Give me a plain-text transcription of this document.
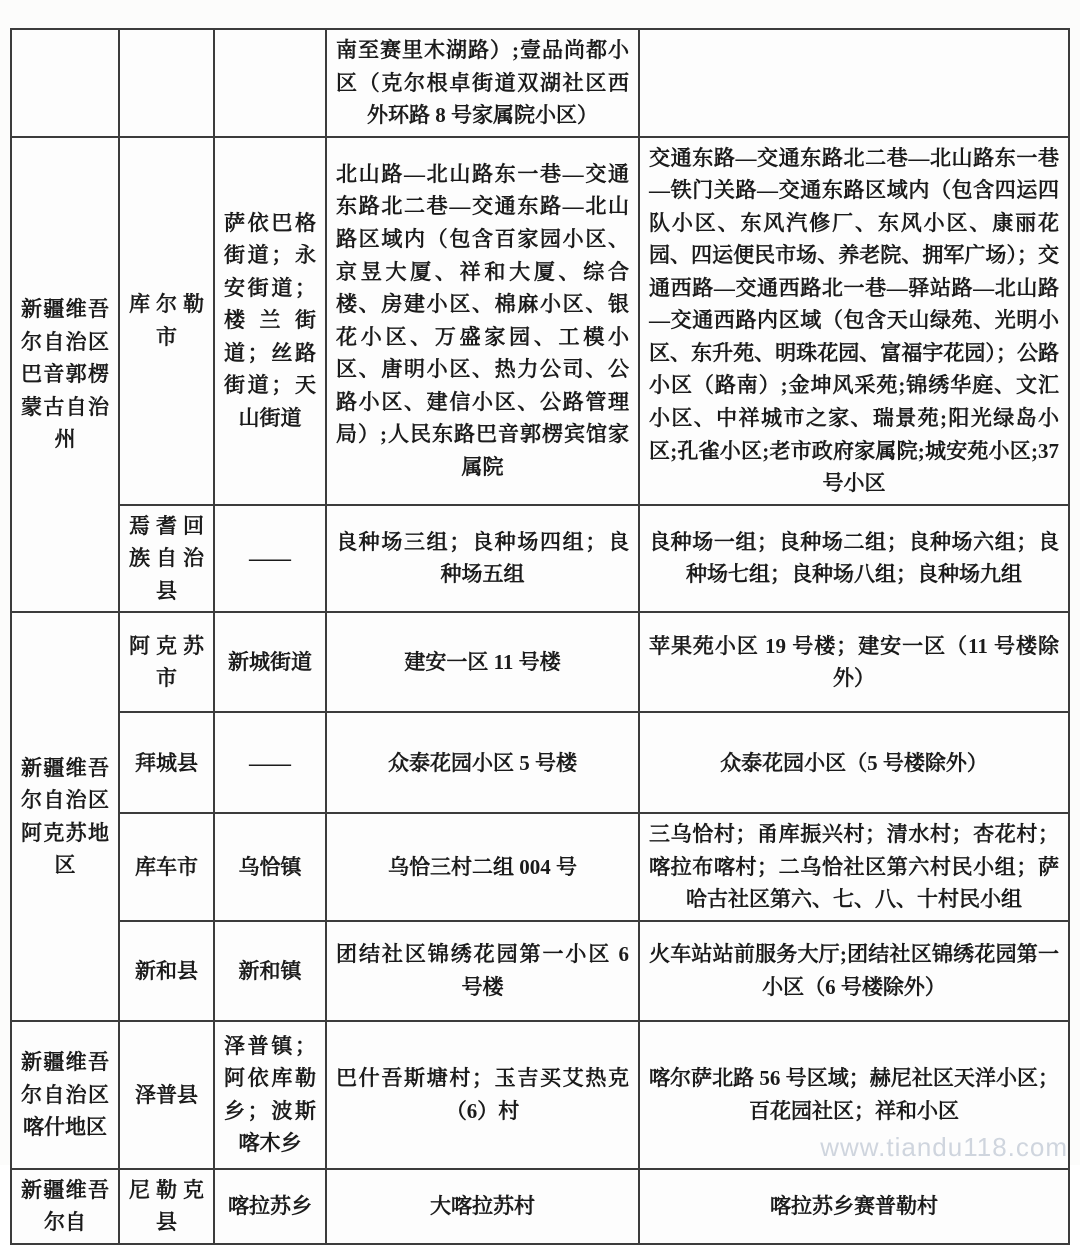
			南至赛里木湖路）;壹品尚都小区（克尔根卓街道双湖社区西外环路 8 号家属院小区）	
新疆维吾尔自治区巴音郭楞蒙古自治州	库尔勒市	萨依巴格街道；永安街道；楼兰街道；丝路街道；天山街道	北山路—北山路东一巷—交通东路北二巷—交通东路—北山路区域内（包含百家园小区、京昱大厦、祥和大厦、综合楼、房建小区、棉麻小区、银花小区、万盛家园、工模小区、唐明小区、热力公司、公路小区、建信小区、公路管理局）;人民东路巴音郭楞宾馆家属院	交通东路—交通东路北二巷—北山路东一巷—铁门关路—交通东路区域内（包含四运四队小区、东风汽修厂、东风小区、康丽花园、四运便民市场、养老院、拥军广场）；交通西路—交通西路北一巷—驿站路—北山路—交通西路内区域（包含天山绿苑、光明小区、东升苑、明珠花园、富福宇花园）；公路小区（路南）;金坤风采苑;锦绣华庭、文汇小区、中祥城市之家、瑞景苑;阳光绿岛小区;孔雀小区;老市政府家属院;城安苑小区;37 号小区
	焉耆回族自治县	——	良种场三组；良种场四组；良种场五组	良种场一组；良种场二组；良种场六组；良种场七组；良种场八组；良种场九组
新疆维吾尔自治区阿克苏地区	阿克苏市	新城街道	建安一区 11 号楼	苹果苑小区 19 号楼；建安一区（11 号楼除外）
	拜城县	——	众泰花园小区 5 号楼	众泰花园小区（5 号楼除外）
	库车市	乌恰镇	乌恰三村二组 004 号	三乌恰村；甬库振兴村；清水村；杏花村；喀拉布喀村；二乌恰社区第六村民小组；萨哈古社区第六、七、八、十村民小组
	新和县	新和镇	团结社区锦绣花园第一小区 6 号楼	火车站站前服务大厅;团结社区锦绣花园第一小区（6 号楼除外）
新疆维吾尔自治区喀什地区	泽普县	泽普镇；阿依库勒乡；波斯喀木乡	巴什吾斯塘村；玉吉买艾热克（6）村	喀尔萨北路 56 号区域；赫尼社区天洋小区；百花园社区；祥和小区
新疆维吾尔自	尼勒克县	喀拉苏乡	大喀拉苏村	喀拉苏乡赛普勒村
www.tiandu118.com
